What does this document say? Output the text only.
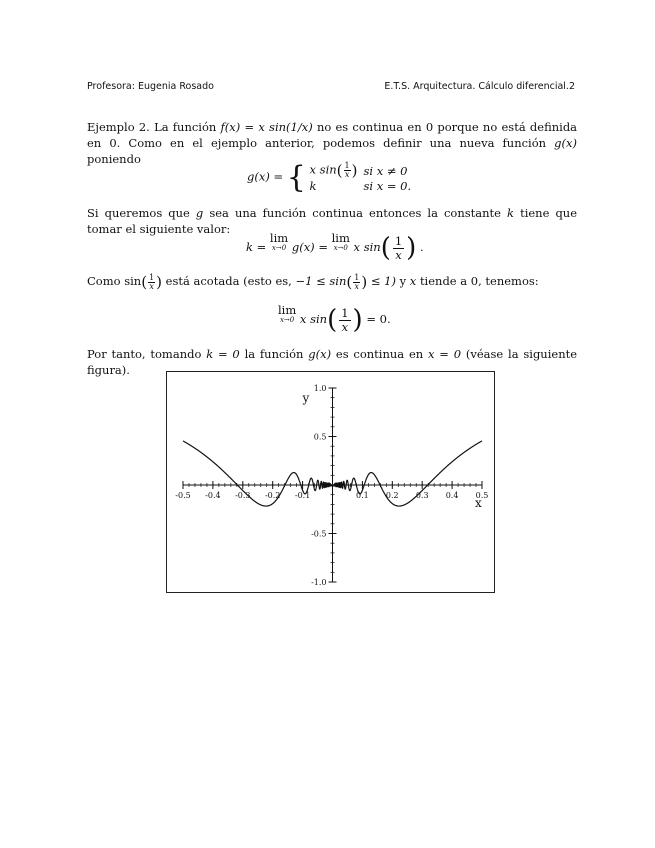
Profesora: Eugenia Rosado	E.T.S. Arquitectura. Cálculo diferencial.2
Ejemplo 2. La función f(x) = x sin(1/x) no es continua en 0 porque no está definida en 0. Como en el ejemplo anterior, podemos definir una nueva función g(x) poniendo
g(x) = { x $\sin( \frac{1}{x}$ )	si x ≠ 0
k	si x = 0.
Si queremos que g sea una función continua entonces la constante k tiene que tomar el siguiente valor:
k = lim
x→0 g(x) = lim
x→0 x $\sin( \frac{1}{x})$ .
Como $\sin( \frac{1}{x}$ ) está acotada (esto es, $-1 \le \sin( \frac{1}{x}$ ) ≤ 1) y x tiende a 0, tenemos:
lim
x→0 x $\sin( \frac{1}{x}) = 0$.
Por tanto, tomando k = 0 la función g(x) es continua en x = 0 (véase la siguiente figura).
-0.5 -0.4 -0.3 -0.2 -0.1	0.1 0.2 0.3 0.4 0.5
1.0
0.5
-0.5
-1.0
x
y
